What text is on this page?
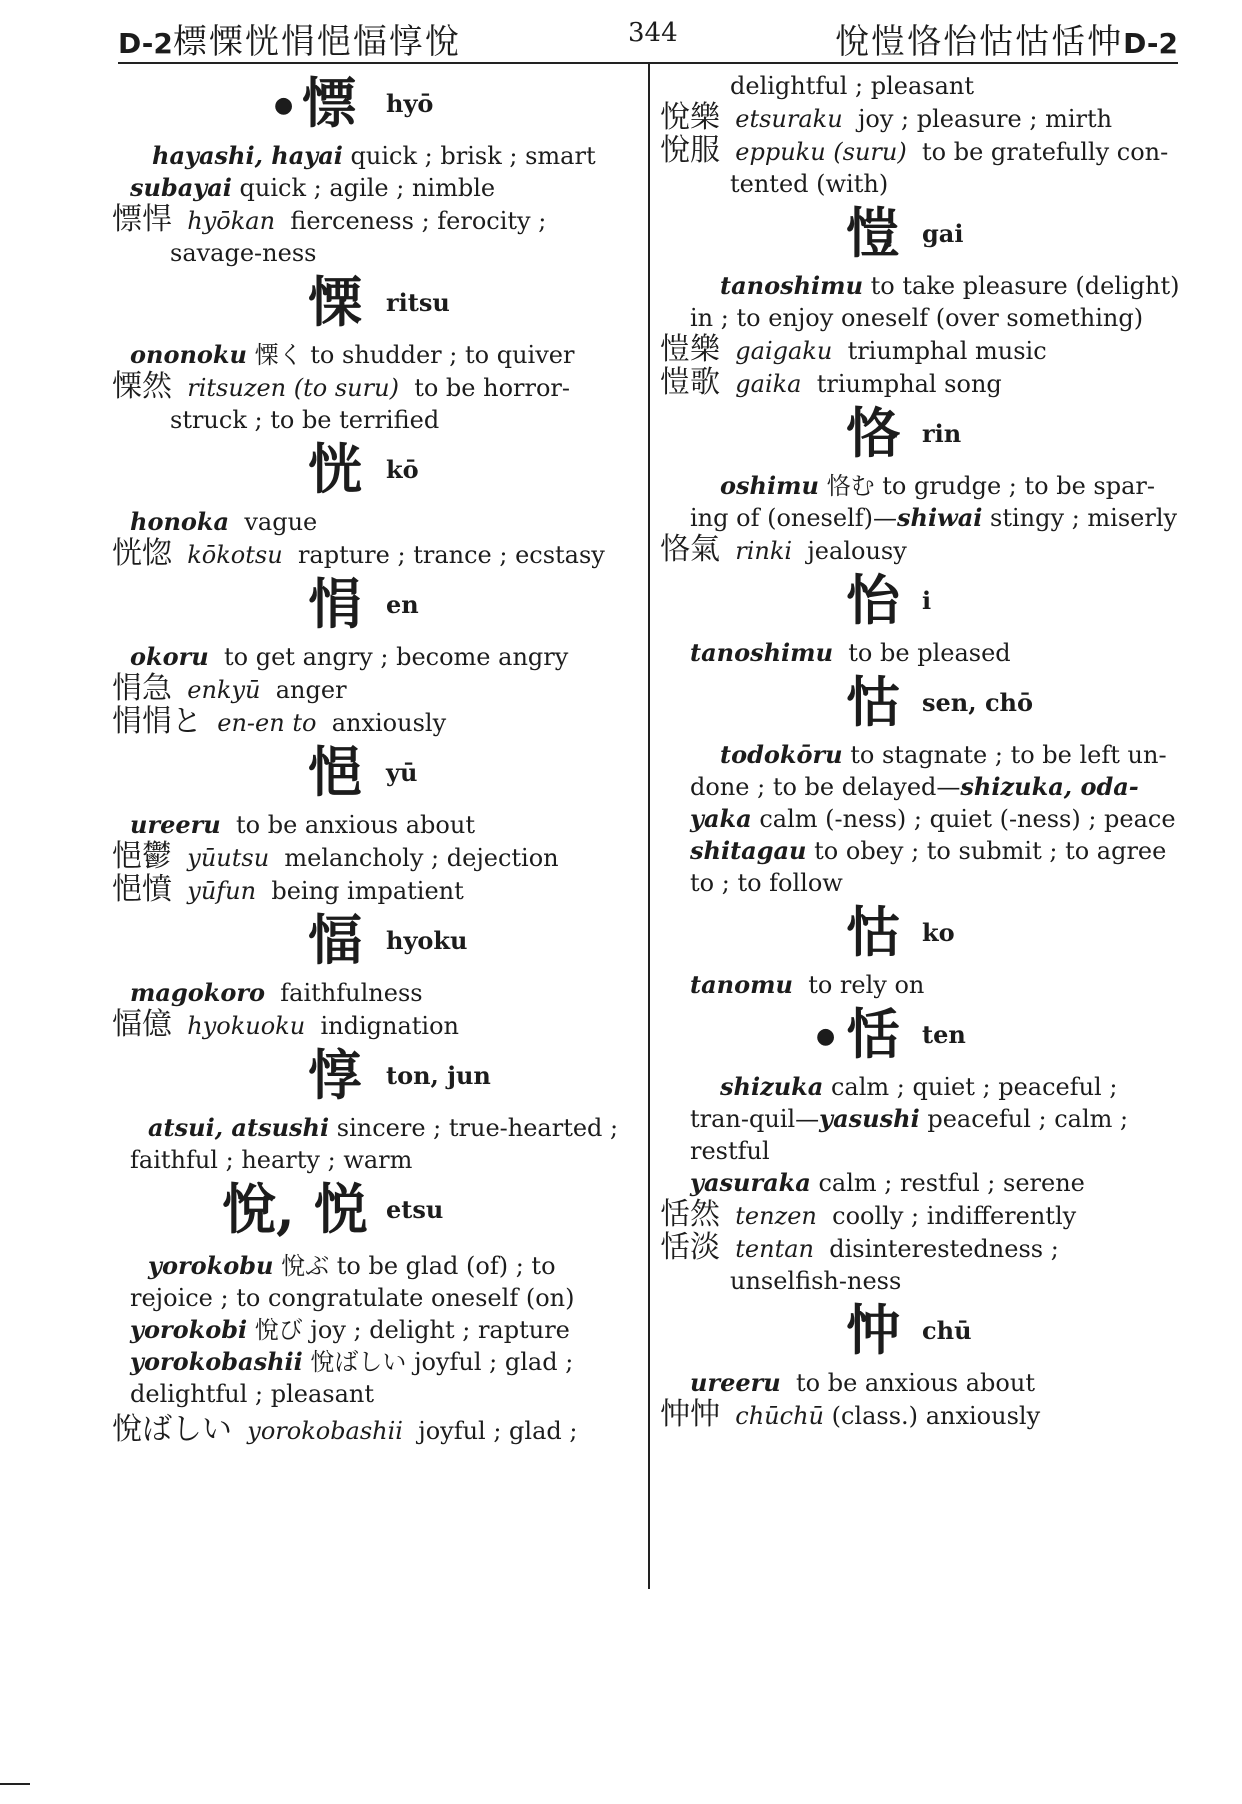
D-2標慄恍悁悒愊惇悅	344	悅愷恪怡怙怙恬忡D-2
● 慓 hyō

hayashi, hayai quick ; brisk ; smart

subayai quick ; agile ; nimble

慓悍 hyōkan fierceness ; ferocity ; savage-ness

慄 ritsu

ononoku 慄く to shudder ; to quiver

慄然 ritsuzen (to suru) to be horror-struck ; to be terrified

恍 kō

honoka vague

恍惚 kōkotsu rapture ; trance ; ecstasy

悁 en

okoru to get angry ; become angry

悁急 enkyū anger

悁悁と en-en to anxiously

悒 yū

ureeru to be anxious about

悒鬱 yūutsu melancholy ; dejection

悒憤 yūfun being impatient

愊 hyoku

magokoro faithfulness

愊億 hyokuoku indignation

惇 ton, jun

atsui, atsushi sincere ; true-hearted ; faithful ; hearty ; warm

悅, 悦 etsu

yorokobu 悅ぶ to be glad (of) ; to rejoice ; to congratulate oneself (on)

yorokobi 悅び joy ; delight ; rapture

yorokobashii 悅ばしい joyful ; glad ; delightful ; pleasant

悅ばしい yorokobashii joyful ; glad ;

delightful ; pleasant

悅樂 etsuraku joy ; pleasure ; mirth

悅服 eppuku (suru) to be gratefully con-tented (with)

愷 gai

tanoshimu to take pleasure (delight) in ; to enjoy oneself (over something)

愷樂 gaigaku triumphal music

愷歌 gaika triumphal song

恪 rin

oshimu 恪む to grudge ; to be spar-ing of (oneself)—shiwai stingy ; miserly

恪氣 rinki jealousy

怡 i

tanoshimu to be pleased

怙 sen, chō

todokōru to stagnate ; to be left un-done ; to be delayed—shizuka, oda-yaka calm (-ness) ; quiet (-ness) ; peace

shitagau to obey ; to submit ; to agree to ; to follow

怙 ko

tanomu to rely on

● 恬 ten

shizuka calm ; quiet ; peaceful ; tran-quil—yasushi peaceful ; calm ; restful

yasuraka calm ; restful ; serene

恬然 tenzen coolly ; indifferently

恬淡 tentan disinterestedness ; unselfish-ness

忡 chū

ureeru to be anxious about

忡忡 chūchū (class.) anxiously
